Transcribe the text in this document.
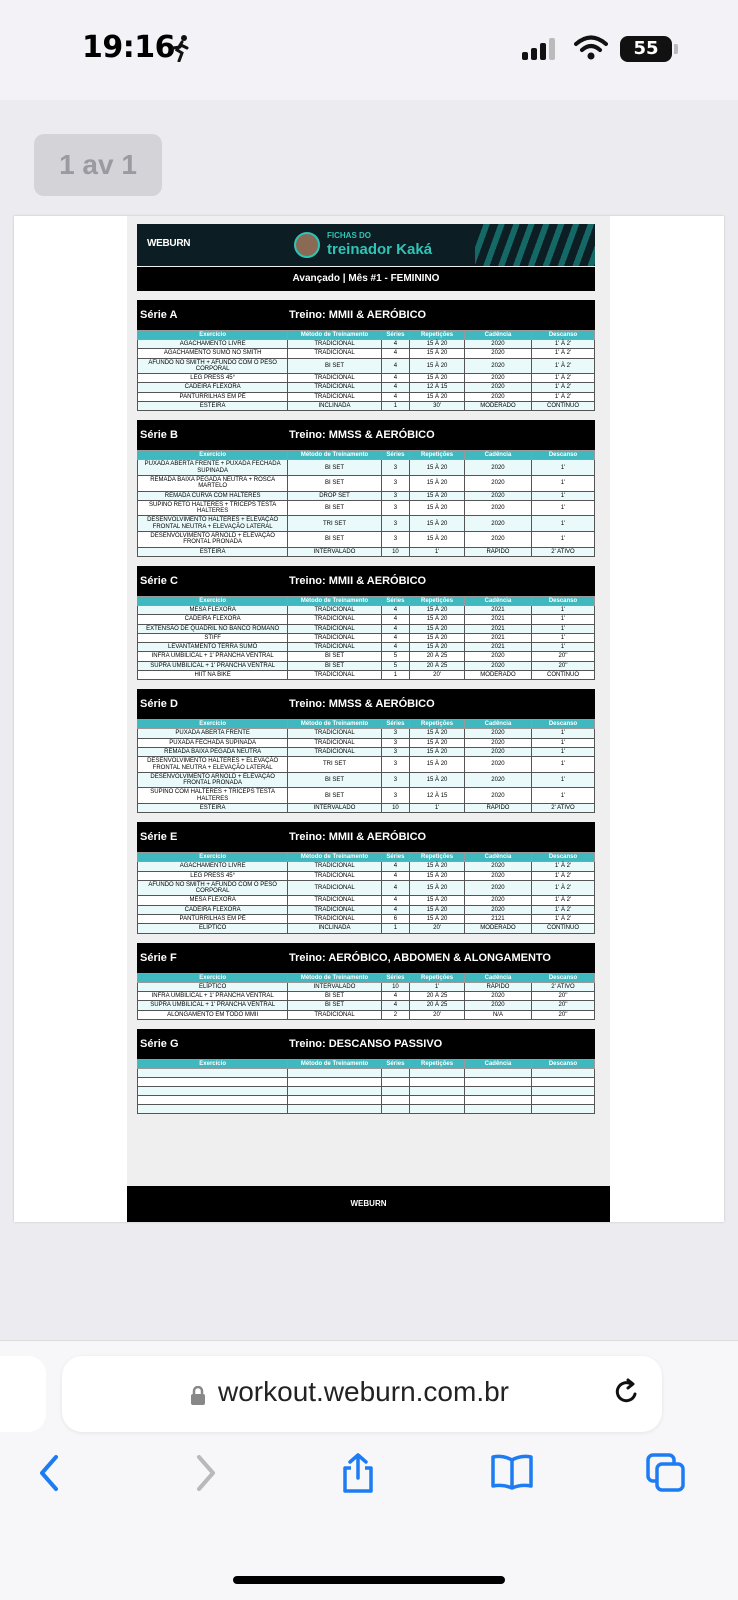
19:16	55
1 av 1
WEBURN
FICHAS DO
treinador Kaká
Avançado | Mês #1 - FEMININO
Série A	Treino: MMII & AERÓBICO
Exercício	Método de Treinamento	Séries	Repetições	Cadência	Descanso
AGACHAMENTO LIVRE	TRADICIONAL	4	15 À 20	2020	1' À 2'
AGACHAMENTO SUMÔ NO SMITH	TRADICIONAL	4	15 À 20	2020	1' À 2'
AFUNDO NO SMITH + AFUNDO COM O PESO CORPORAL	BI SET	4	15 À 20	2020	1' À 2'
LEG PRESS 45°	TRADICIONAL	4	15 À 20	2020	1' À 2'
CADEIRA FLEXORA	TRADICIONAL	4	12 À 15	2020	1' À 2'
PANTURRILHAS EM PÉ	TRADICIONAL	4	15 À 20	2020	1' À 2'
ESTEIRA	INCLINADA	1	30'	MODERADO	CONTÍNUO
Série B	Treino: MMSS & AERÓBICO
Exercício	Método de Treinamento	Séries	Repetições	Cadência	Descanso
PUXADA ABERTA FRENTE + PUXADA FECHADA SUPINADA	BI SET	3	15 À 20	2020	1'
REMADA BAIXA PEGADA NEUTRA + ROSCA MARTELO	BI SET	3	15 À 20	2020	1'
REMADA CURVA COM HALTERES	DROP SET	3	15 À 20	2020	1'
SUPINO RETO HALTERES + TRÍCEPS TESTA HALTERES	BI SET	3	15 À 20	2020	1'
DESENVOLVIMENTO HALTERES + ELEVAÇÃO FRONTAL NEUTRA + ELEVAÇÃO LATERAL	TRI SET	3	15 À 20	2020	1'
DESENVOLVIMENTO ARNOLD + ELEVAÇÃO FRONTAL PRONADA	BI SET	3	15 À 20	2020	1'
ESTEIRA	INTERVALADO	10	1'	RÁPIDO	2' ATIVO
Série C	Treino: MMII & AERÓBICO
Exercício	Método de Treinamento	Séries	Repetições	Cadência	Descanso
MESA FLEXORA	TRADICIONAL	4	15 À 20	2021	1'
CADEIRA FLEXORA	TRADICIONAL	4	15 À 20	2021	1'
EXTENSÃO DE QUADRIL NO BANCO ROMANO	TRADICIONAL	4	15 À 20	2021	1'
STIFF	TRADICIONAL	4	15 À 20	2021	1'
LEVANTAMENTO TERRA SUMÔ	TRADICIONAL	4	15 À 20	2021	1'
INFRA UMBILICAL + 1' PRANCHA VENTRAL	BI SET	5	20 À 25	2020	20''
SUPRA UMBILICAL + 1' PRANCHA VENTRAL	BI SET	5	20 À 25	2020	20''
HIIT NA BIKE	TRADICIONAL	1	20'	MODERADO	CONTÍNUO
Série D	Treino: MMSS & AERÓBICO
Exercício	Método de Treinamento	Séries	Repetições	Cadência	Descanso
PUXADA ABERTA FRENTE	TRADICIONAL	3	15 À 20	2020	1'
PUXADA FECHADA SUPINADA	TRADICIONAL	3	15 À 20	2020	1'
REMADA BAIXA PEGADA NEUTRA	TRADICIONAL	3	15 À 20	2020	1'
DESENVOLVIMENTO HALTERES + ELEVAÇÃO FRONTAL NEUTRA + ELEVAÇÃO LATERAL	TRI SET	3	15 À 20	2020	1'
DESENVOLVIMENTO ARNOLD + ELEVAÇÃO FRONTAL PRONADA	BI SET	3	15 À 20	2020	1'
SUPINO COM HALTERES + TRÍCEPS TESTA HALTERES	BI SET	3	12 À 15	2020	1'
ESTEIRA	INTERVALADO	10	1'	RÁPIDO	2' ATIVO
Série E	Treino: MMII & AERÓBICO
Exercício	Método de Treinamento	Séries	Repetições	Cadência	Descanso
AGACHAMENTO LIVRE	TRADICIONAL	4	15 À 20	2020	1' À 2'
LEG PRESS 45°	TRADICIONAL	4	15 À 20	2020	1' À 2'
AFUNDO NO SMITH + AFUNDO COM O PESO CORPORAL	TRADICIONAL	4	15 À 20	2020	1' À 2'
MESA FLEXORA	TRADICIONAL	4	15 À 20	2020	1' À 2'
CADEIRA FLEXORA	TRADICIONAL	4	15 À 20	2020	1' À 2'
PANTURRILHAS EM PÉ	TRADICIONAL	6	15 À 20	2121	1' À 2'
ELÍPTICO	INCLINADA	1	20'	MODERADO	CONTÍNUO
Série F	Treino: AERÓBICO, ABDOMEN & ALONGAMENTO
Exercício	Método de Treinamento	Séries	Repetições	Cadência	Descanso
ELÍPTICO	INTERVALADO	10	1'	RÁPIDO	2' ATIVO
INFRA UMBILICAL + 1' PRANCHA VENTRAL	BI SET	4	20 À 25	2020	20''
SUPRA UMBILICAL + 1' PRANCHA VENTRAL	BI SET	4	20 À 25	2020	20''
ALONGAMENTO EM TODO MMII	TRADICIONAL	2	20'	N/A	20''
Série G	Treino: DESCANSO PASSIVO
Exercício	Método de Treinamento	Séries	Repetições	Cadência	Descanso

WEBURN
workout.weburn.com.br
